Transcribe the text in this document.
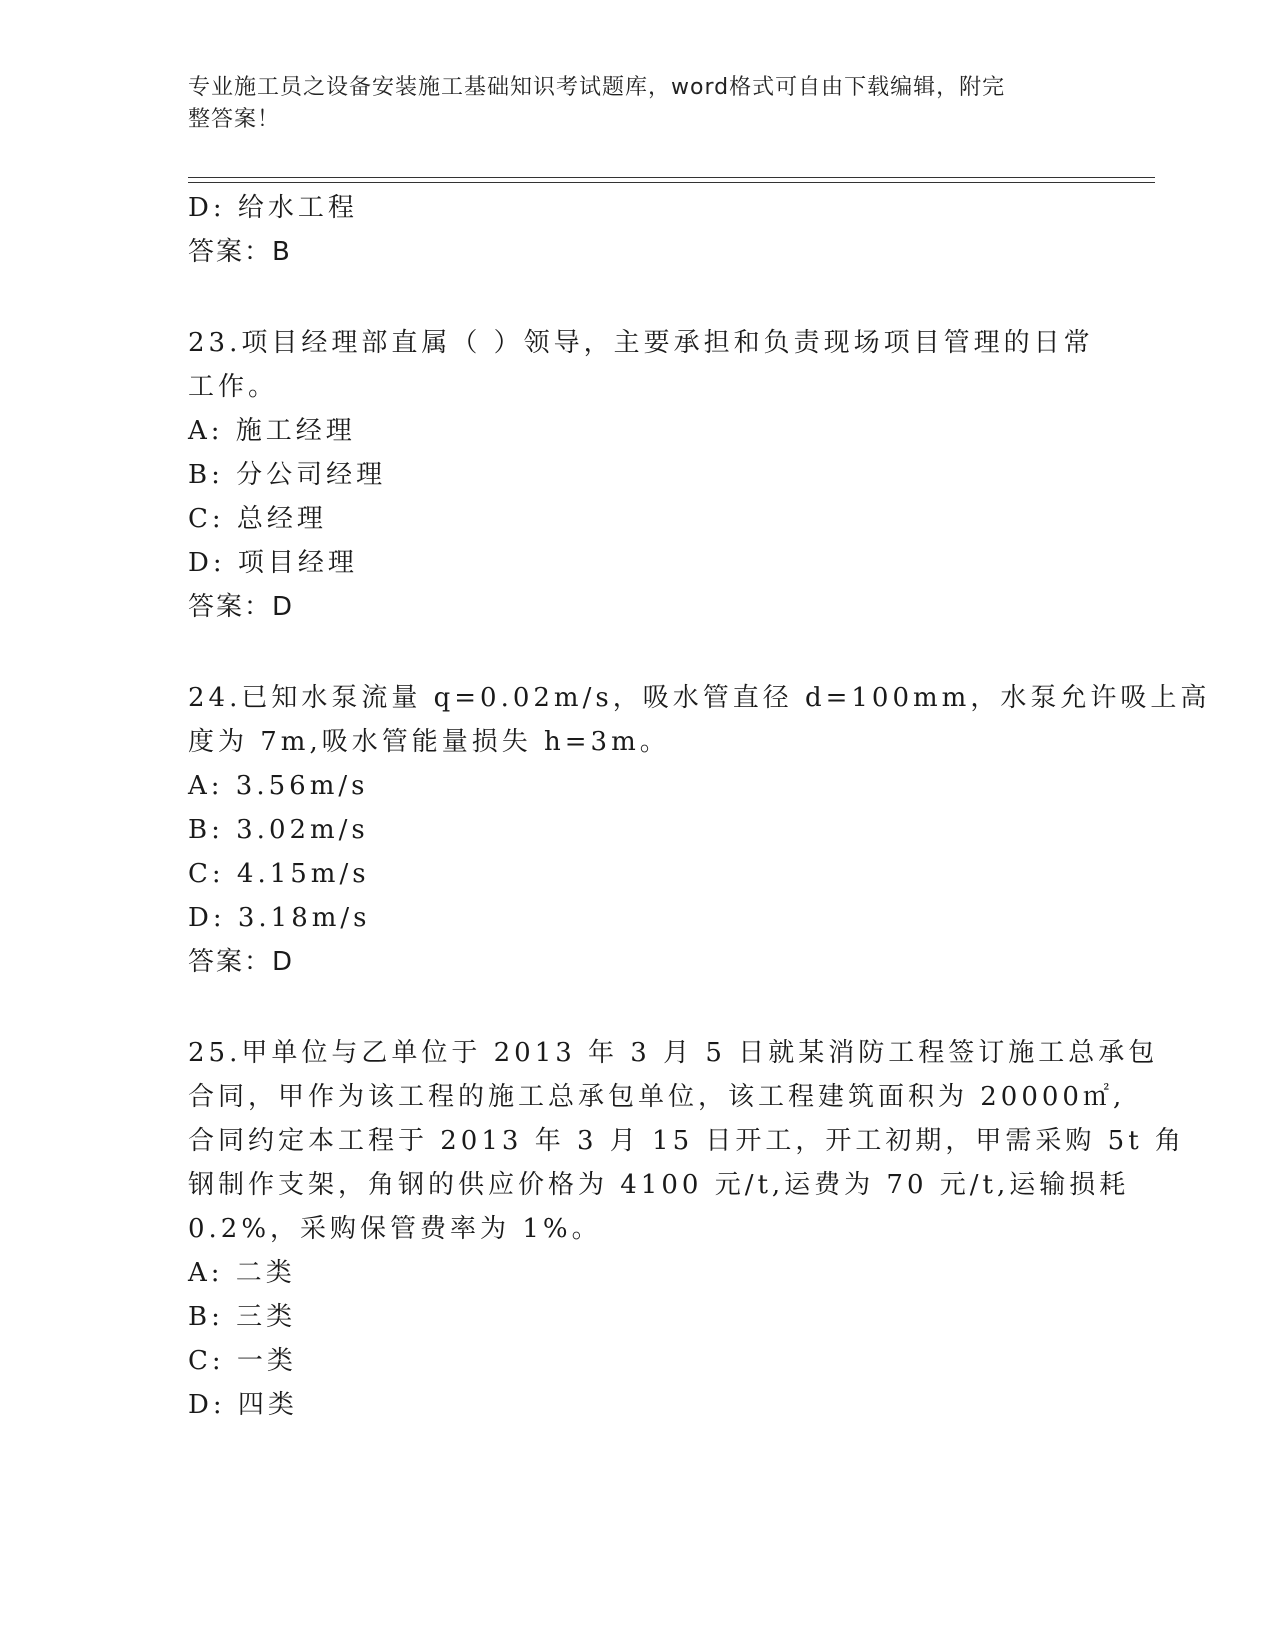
专业施工员之设备安装施工基础知识考试题库，word格式可自由下载编辑，附完
整答案！
D: 给水工程
答案：B
23.项目经理部直属（ ）领导，主要承担和负责现场项目管理的日常
工作。
A: 施工经理
B: 分公司经理
C: 总经理
D: 项目经理
答案：D
24.已知水泵流量 q=0.02m/s，吸水管直径 d=100mm，水泵允许吸上高
度为 7m,吸水管能量损失 h=3m。
A: 3.56m/s
B: 3.02m/s
C: 4.15m/s
D: 3.18m/s
答案：D
25.甲单位与乙单位于 2013 年 3 月 5 日就某消防工程签订施工总承包
合同，甲作为该工程的施工总承包单位，该工程建筑面积为 20000㎡,
合同约定本工程于 2013 年 3 月 15 日开工，开工初期，甲需采购 5t 角
钢制作支架，角钢的供应价格为 4100 元/t,运费为 70 元/t,运输损耗
0.2%，采购保管费率为 1%。
A: 二类
B: 三类
C: 一类
D: 四类
